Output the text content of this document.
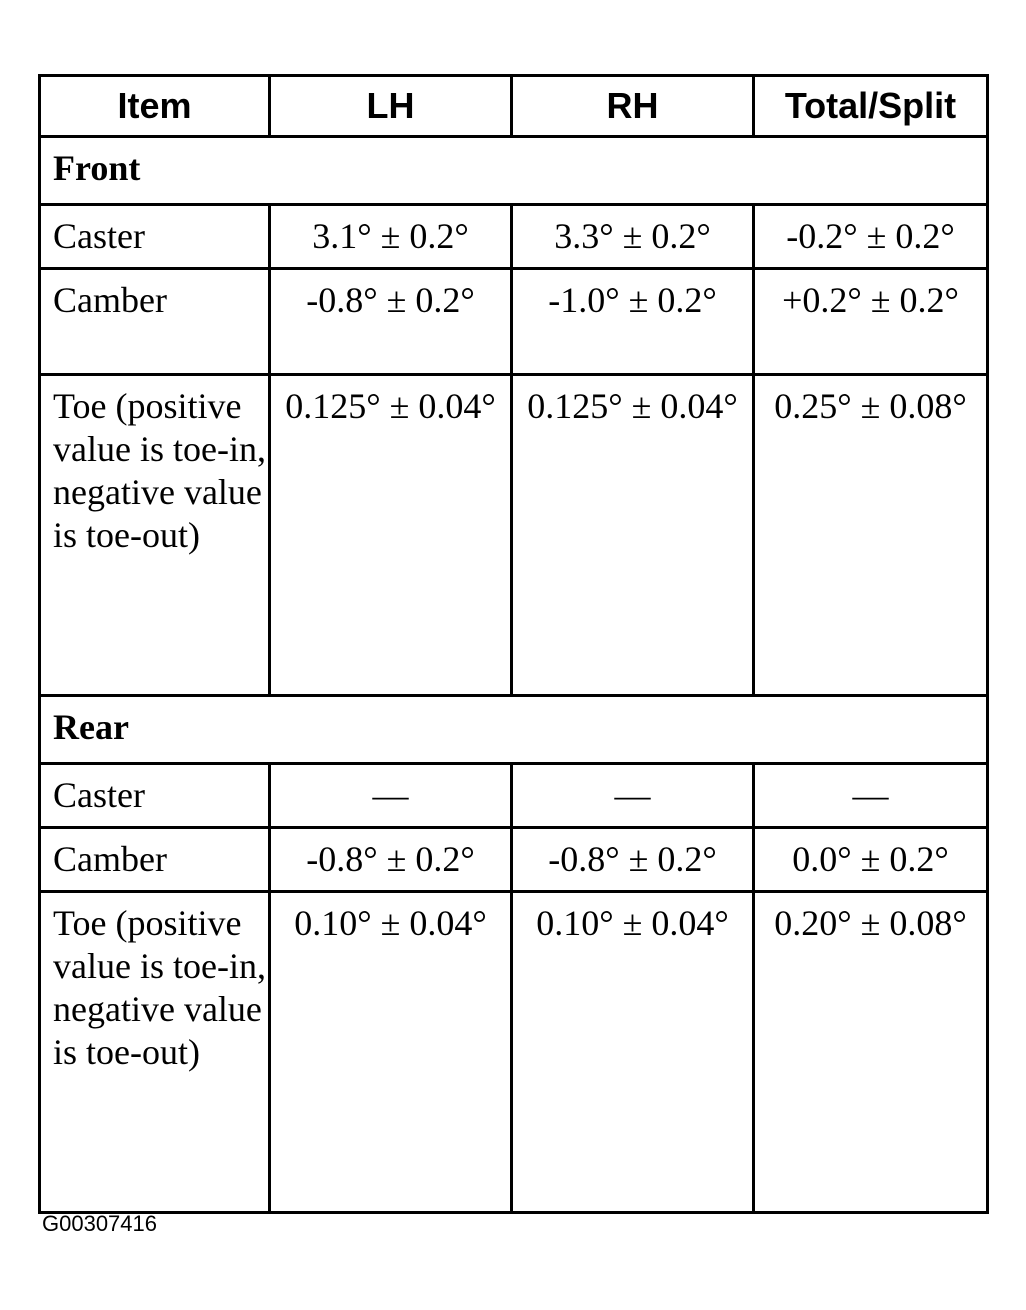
Item	LH	RH	Total/Split
Front			
Caster	3.1° ± 0.2°	3.3° ± 0.2°	-0.2° ± 0.2°
Camber	-0.8° ± 0.2°	-1.0° ± 0.2°	+0.2° ± 0.2°
Toe (positive value is toe-in, negative value is toe-out)	0.125° ± 0.04°	0.125° ± 0.04°	0.25° ± 0.08°
Rear			
Caster	—	—	—
Camber	-0.8° ± 0.2°	-0.8° ± 0.2°	0.0° ± 0.2°
Toe (positive value is toe-in, negative value is toe-out)	0.10° ± 0.04°	0.10° ± 0.04°	0.20° ± 0.08°
G00307416
